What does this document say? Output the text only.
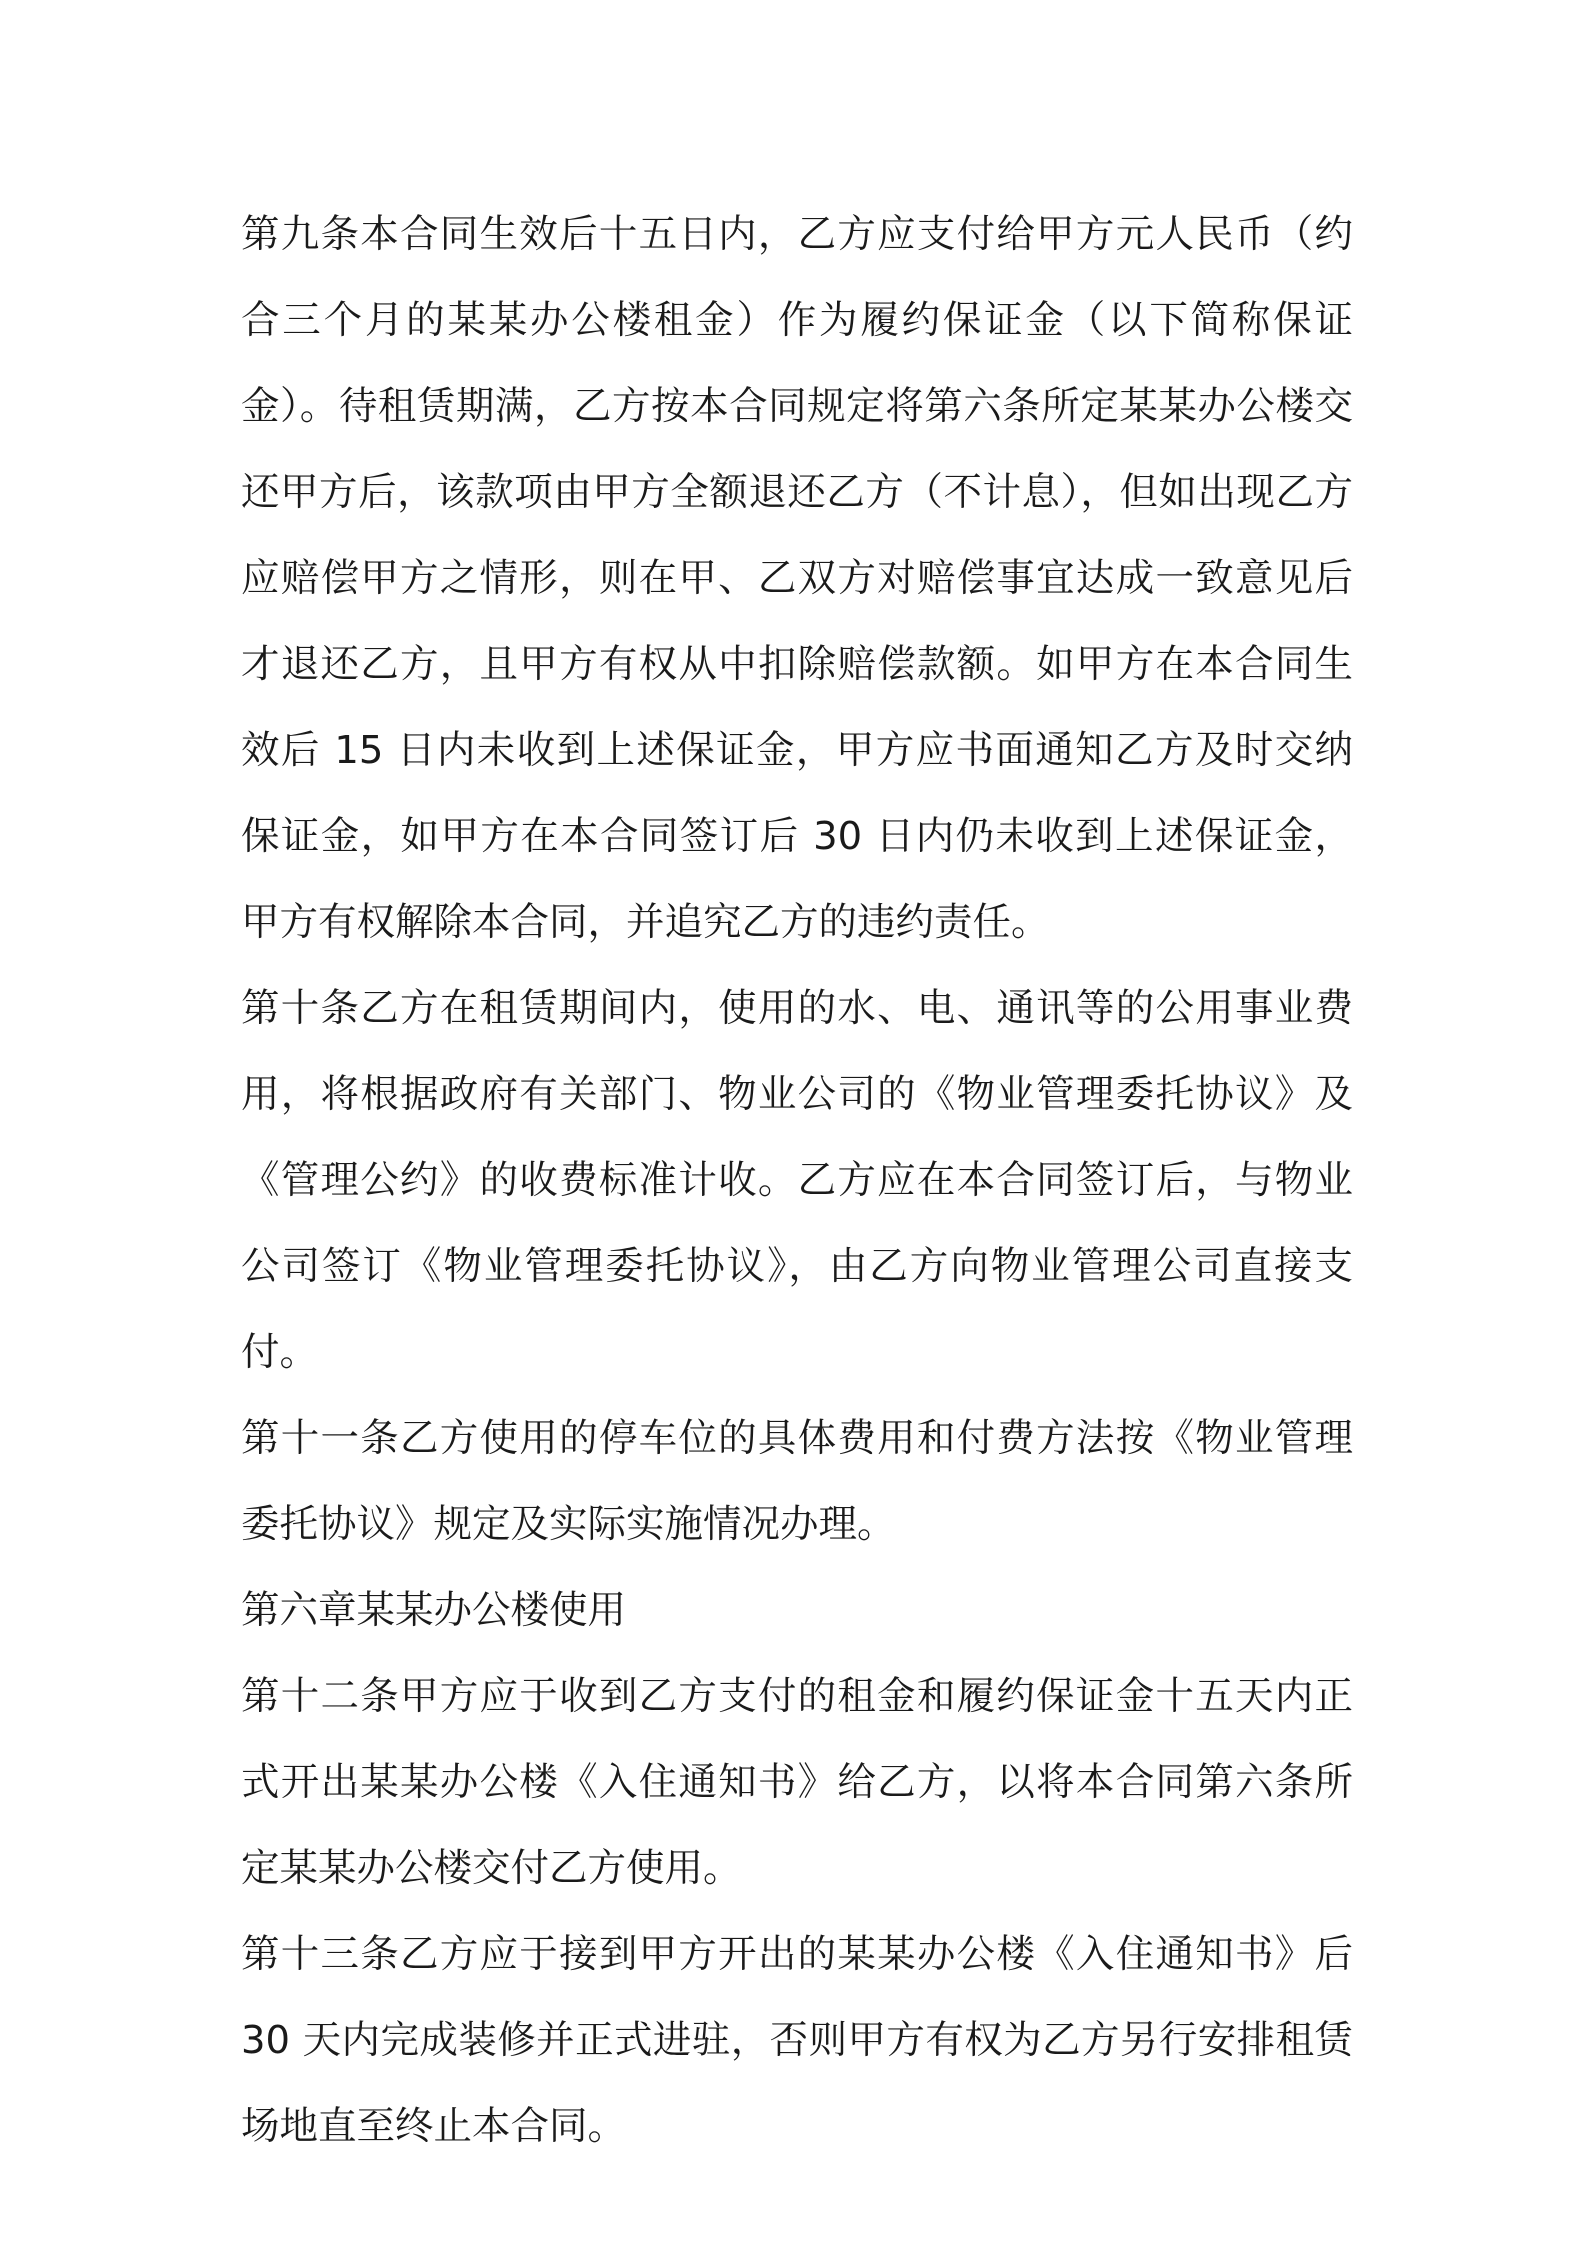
第九条本合同生效后十五日内，乙方应支付给甲方元人民币（约合三个月的某某办公楼租金）作为履约保证金（以下简称保证金）。待租赁期满，乙方按本合同规定将第六条所定某某办公楼交还甲方后，该款项由甲方全额退还乙方（不计息），但如出现乙方应赔偿甲方之情形，则在甲、乙双方对赔偿事宜达成一致意见后才退还乙方，且甲方有权从中扣除赔偿款额。如甲方在本合同生效后 15 日内未收到上述保证金，甲方应书面通知乙方及时交纳保证金，如甲方在本合同签订后 30 日内仍未收到上述保证金，甲方有权解除本合同，并追究乙方的违约责任。

第十条乙方在租赁期间内，使用的水、电、通讯等的公用事业费用，将根据政府有关部门、物业公司的《物业管理委托协议》及《管理公约》的收费标准计收。乙方应在本合同签订后，与物业公司签订《物业管理委托协议》，由乙方向物业管理公司直接支付。

第十一条乙方使用的停车位的具体费用和付费方法按《物业管理委托协议》规定及实际实施情况办理。

第六章某某办公楼使用

第十二条甲方应于收到乙方支付的租金和履约保证金十五天内正式开出某某办公楼《入住通知书》给乙方，以将本合同第六条所定某某办公楼交付乙方使用。

第十三条乙方应于接到甲方开出的某某办公楼《入住通知书》后 30 天内完成装修并正式进驻，否则甲方有权为乙方另行安排租赁场地直至终止本合同。
